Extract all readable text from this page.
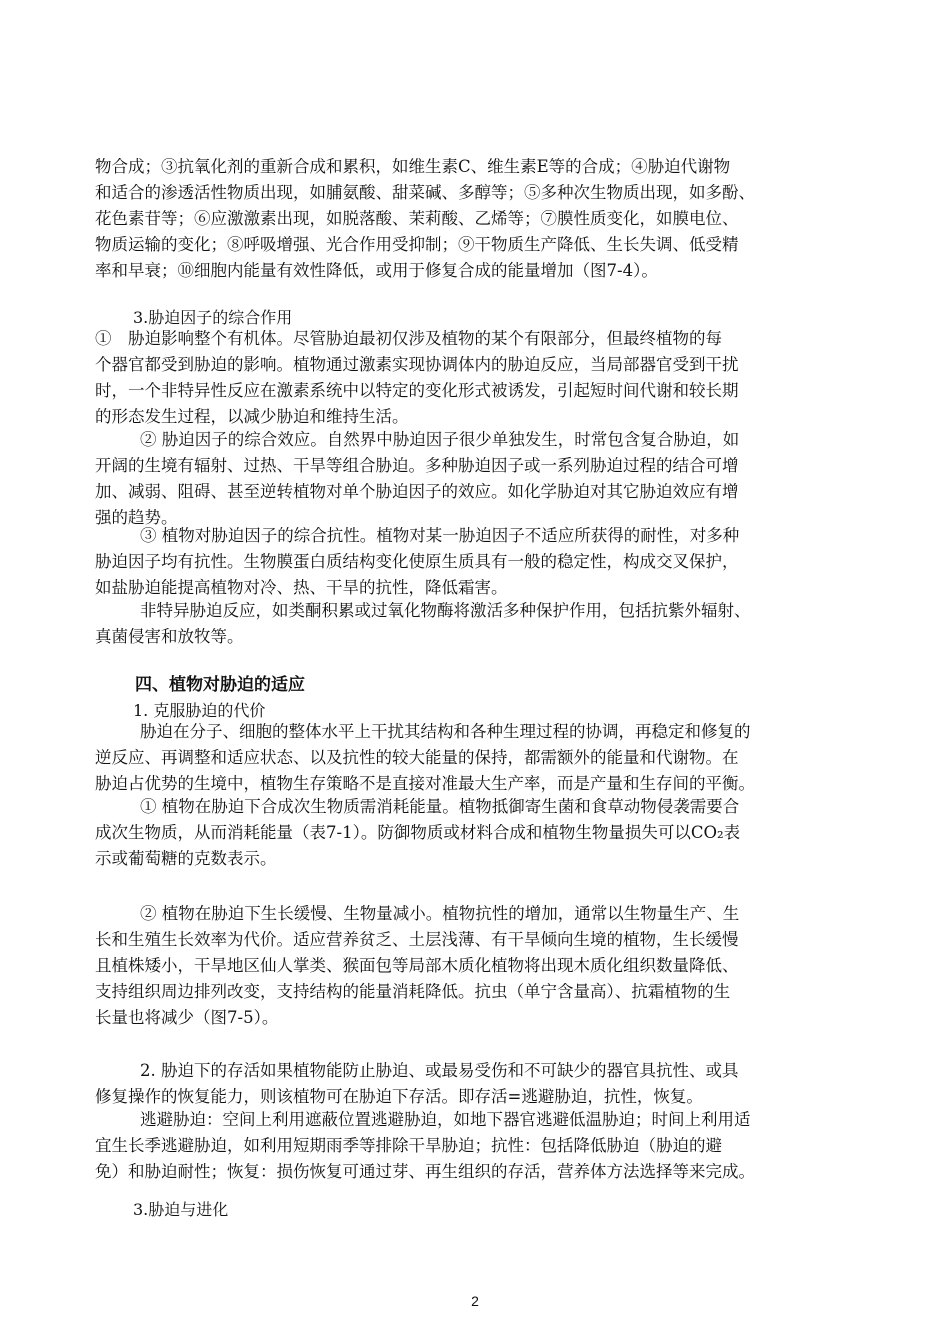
物合成；③抗氧化剂的重新合成和累积，如维生素C、维生素E等的合成；④胁迫代谢物
和适合的渗透活性物质出现，如脯氨酸、甜菜碱、多醇等；⑤多种次生物质出现，如多酚、
花色素苷等；⑥应激激素出现，如脱落酸、茉莉酸、乙烯等；⑦膜性质变化，如膜电位、
物质运输的变化；⑧呼吸增强、光合作用受抑制；⑨干物质生产降低、生长失调、低受精
率和早衰；⑩细胞内能量有效性降低，或用于修复合成的能量增加（图7-4）。
3.胁迫因子的综合作用
①　胁迫影响整个有机体。尽管胁迫最初仅涉及植物的某个有限部分，但最终植物的每
个器官都受到胁迫的影响。植物通过激素实现协调体内的胁迫反应，当局部器官受到干扰
时，一个非特异性反应在激素系统中以特定的变化形式被诱发，引起短时间代谢和较长期
的形态发生过程，以减少胁迫和维持生活。
② 胁迫因子的综合效应。自然界中胁迫因子很少单独发生，时常包含复合胁迫，如
开阔的生境有辐射、过热、干旱等组合胁迫。多种胁迫因子或一系列胁迫过程的结合可增
加、减弱、阻碍、甚至逆转植物对单个胁迫因子的效应。如化学胁迫对其它胁迫效应有增
强的趋势。
③ 植物对胁迫因子的综合抗性。植物对某一胁迫因子不适应所获得的耐性，对多种
胁迫因子均有抗性。生物膜蛋白质结构变化使原生质具有一般的稳定性，构成交叉保护，
如盐胁迫能提高植物对冷、热、干旱的抗性，降低霜害。
非特异胁迫反应，如类酮积累或过氧化物酶将激活多种保护作用，包括抗紫外辐射、
真菌侵害和放牧等。
四、植物对胁迫的适应
1. 克服胁迫的代价
胁迫在分子、细胞的整体水平上干扰其结构和各种生理过程的协调，再稳定和修复的
逆反应、再调整和适应状态、以及抗性的较大能量的保持，都需额外的能量和代谢物。在
胁迫占优势的生境中，植物生存策略不是直接对准最大生产率，而是产量和生存间的平衡。
① 植物在胁迫下合成次生物质需消耗能量。植物抵御寄生菌和食草动物侵袭需要合
成次生物质，从而消耗能量（表7-1）。防御物质或材料合成和植物生物量损失可以CO₂表
示或葡萄糖的克数表示。
② 植物在胁迫下生长缓慢、生物量减小。植物抗性的增加，通常以生物量生产、生
长和生殖生长效率为代价。适应营养贫乏、土层浅薄、有干旱倾向生境的植物，生长缓慢
且植株矮小，干旱地区仙人掌类、猴面包等局部木质化植物将出现木质化组织数量降低、
支持组织周边排列改变，支持结构的能量消耗降低。抗虫（单宁含量高）、抗霜植物的生
长量也将减少（图7-5）。
2. 胁迫下的存活如果植物能防止胁迫、或最易受伤和不可缺少的器官具抗性、或具
修复操作的恢复能力，则该植物可在胁迫下存活。即存活=逃避胁迫，抗性，恢复。
逃避胁迫：空间上利用遮蔽位置逃避胁迫，如地下器官逃避低温胁迫；时间上利用适
宜生长季逃避胁迫，如利用短期雨季等排除干旱胁迫；抗性：包括降低胁迫（胁迫的避
免）和胁迫耐性；恢复：损伤恢复可通过芽、再生组织的存活，营养体方法选择等来完成。
3.胁迫与进化
2
